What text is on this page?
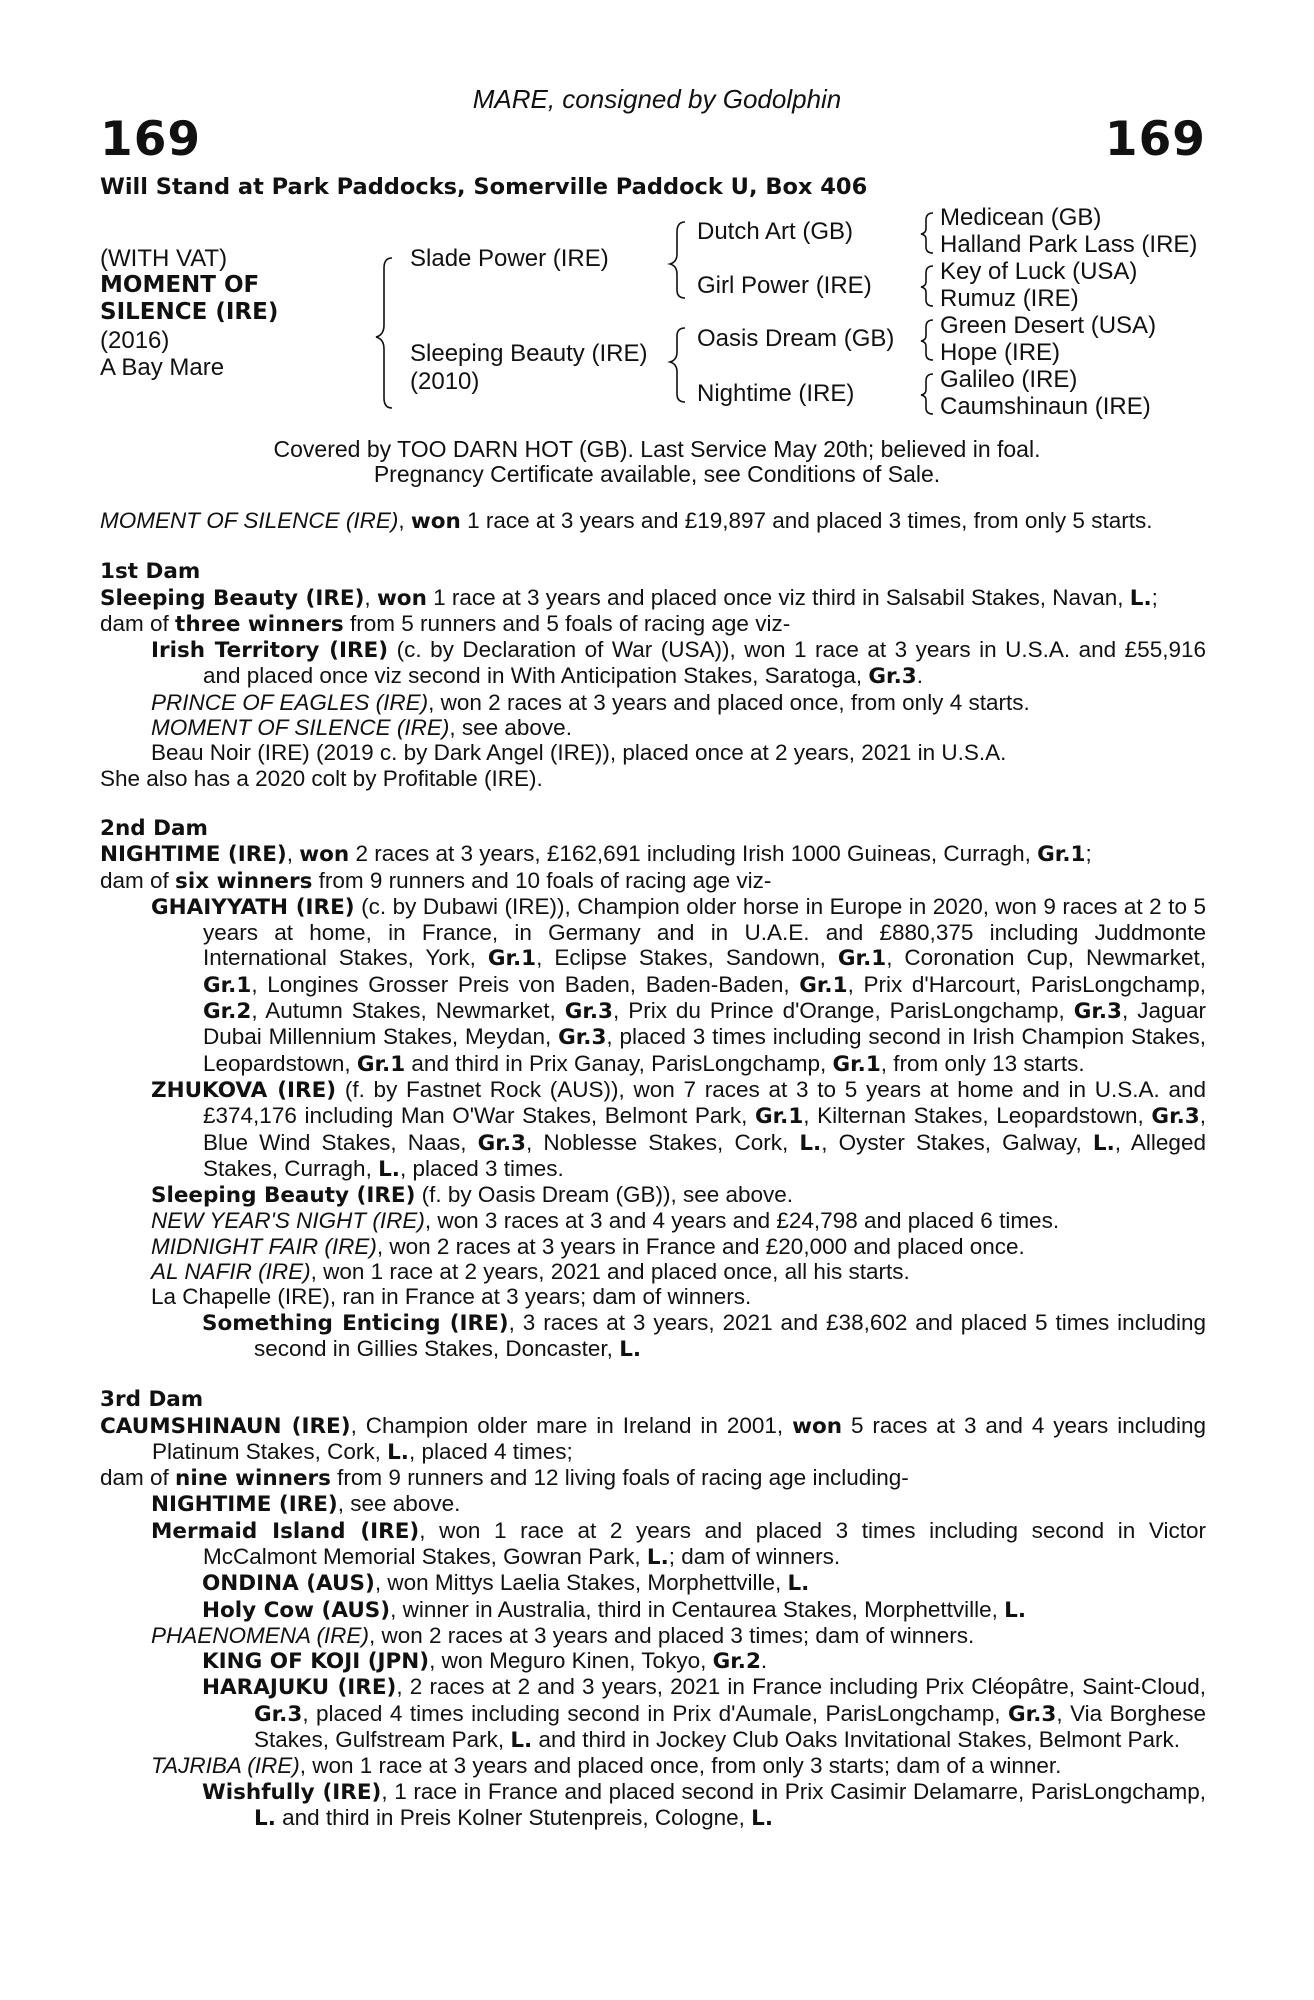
169
MARE, consigned by Godolphin
169
Will Stand at Park Paddocks, Somerville Paddock U, Box 406
(WITH VAT)
MOMENT OF
SILENCE (IRE)
(2016)
A Bay Mare
Slade Power (IRE)
Sleeping Beauty (IRE)
(2010)
Dutch Art (GB)
Girl Power (IRE)
Oasis Dream (GB)
Nightime (IRE)
Medicean (GB)
Halland Park Lass (IRE)
Key of Luck (USA)
Rumuz (IRE)
Green Desert (USA)
Hope (IRE)
Galileo (IRE)
Caumshinaun (IRE)
Covered by TOO DARN HOT (GB). Last Service May 20th; believed in foal.
Pregnancy Certificate available, see Conditions of Sale.
MOMENT OF SILENCE (IRE), won 1 race at 3 years and £19,897 and placed 3 times, from only 5 starts.
1st Dam
Sleeping Beauty (IRE), won 1 race at 3 years and placed once viz third in Salsabil Stakes, Navan, L.;
dam of three winners from 5 runners and 5 foals of racing age viz-
Irish Territory (IRE) (c. by Declaration of War (USA)), won 1 race at 3 years in U.S.A. and £55,916 and placed once viz second in With Anticipation Stakes, Saratoga, Gr.3.
PRINCE OF EAGLES (IRE), won 2 races at 3 years and placed once, from only 4 starts.
MOMENT OF SILENCE (IRE), see above.
Beau Noir (IRE) (2019 c. by Dark Angel (IRE)), placed once at 2 years, 2021 in U.S.A.
She also has a 2020 colt by Profitable (IRE).
2nd Dam
NIGHTIME (IRE), won 2 races at 3 years, £162,691 including Irish 1000 Guineas, Curragh, Gr.1;
dam of six winners from 9 runners and 10 foals of racing age viz-
GHAIYYATH (IRE) (c. by Dubawi (IRE)), Champion older horse in Europe in 2020, won 9 races at 2 to 5 years at home, in France, in Germany and in U.A.E. and £880,375 including Juddmonte International Stakes, York, Gr.1, Eclipse Stakes, Sandown, Gr.1, Coronation Cup, Newmarket, Gr.1, Longines Grosser Preis von Baden, Baden-Baden, Gr.1, Prix d'Harcourt, ParisLongchamp, Gr.2, Autumn Stakes, Newmarket, Gr.3, Prix du Prince d'Orange, ParisLongchamp, Gr.3, Jaguar Dubai Millennium Stakes, Meydan, Gr.3, placed 3 times including second in Irish Champion Stakes, Leopardstown, Gr.1 and third in Prix Ganay, ParisLongchamp, Gr.1, from only 13 starts.
ZHUKOVA (IRE) (f. by Fastnet Rock (AUS)), won 7 races at 3 to 5 years at home and in U.S.A. and £374,176 including Man O'War Stakes, Belmont Park, Gr.1, Kilternan Stakes, Leopardstown, Gr.3, Blue Wind Stakes, Naas, Gr.3, Noblesse Stakes, Cork, L., Oyster Stakes, Galway, L., Alleged Stakes, Curragh, L., placed 3 times.
Sleeping Beauty (IRE) (f. by Oasis Dream (GB)), see above.
NEW YEAR'S NIGHT (IRE), won 3 races at 3 and 4 years and £24,798 and placed 6 times.
MIDNIGHT FAIR (IRE), won 2 races at 3 years in France and £20,000 and placed once.
AL NAFIR (IRE), won 1 race at 2 years, 2021 and placed once, all his starts.
La Chapelle (IRE), ran in France at 3 years; dam of winners.
Something Enticing (IRE), 3 races at 3 years, 2021 and £38,602 and placed 5 times including second in Gillies Stakes, Doncaster, L.
3rd Dam
CAUMSHINAUN (IRE), Champion older mare in Ireland in 2001, won 5 races at 3 and 4 years including Platinum Stakes, Cork, L., placed 4 times;
dam of nine winners from 9 runners and 12 living foals of racing age including-
NIGHTIME (IRE), see above.
Mermaid Island (IRE), won 1 race at 2 years and placed 3 times including second in Victor McCalmont Memorial Stakes, Gowran Park, L.; dam of winners.
ONDINA (AUS), won Mittys Laelia Stakes, Morphettville, L.
Holy Cow (AUS), winner in Australia, third in Centaurea Stakes, Morphettville, L.
PHAENOMENA (IRE), won 2 races at 3 years and placed 3 times; dam of winners.
KING OF KOJI (JPN), won Meguro Kinen, Tokyo, Gr.2.
HARAJUKU (IRE), 2 races at 2 and 3 years, 2021 in France including Prix Cléopâtre, Saint-Cloud, Gr.3, placed 4 times including second in Prix d'Aumale, ParisLongchamp, Gr.3, Via Borghese Stakes, Gulfstream Park, L. and third in Jockey Club Oaks Invitational Stakes, Belmont Park.
TAJRIBA (IRE), won 1 race at 3 years and placed once, from only 3 starts; dam of a winner.
Wishfully (IRE), 1 race in France and placed second in Prix Casimir Delamarre, ParisLongchamp, L. and third in Preis Kolner Stutenpreis, Cologne, L.
